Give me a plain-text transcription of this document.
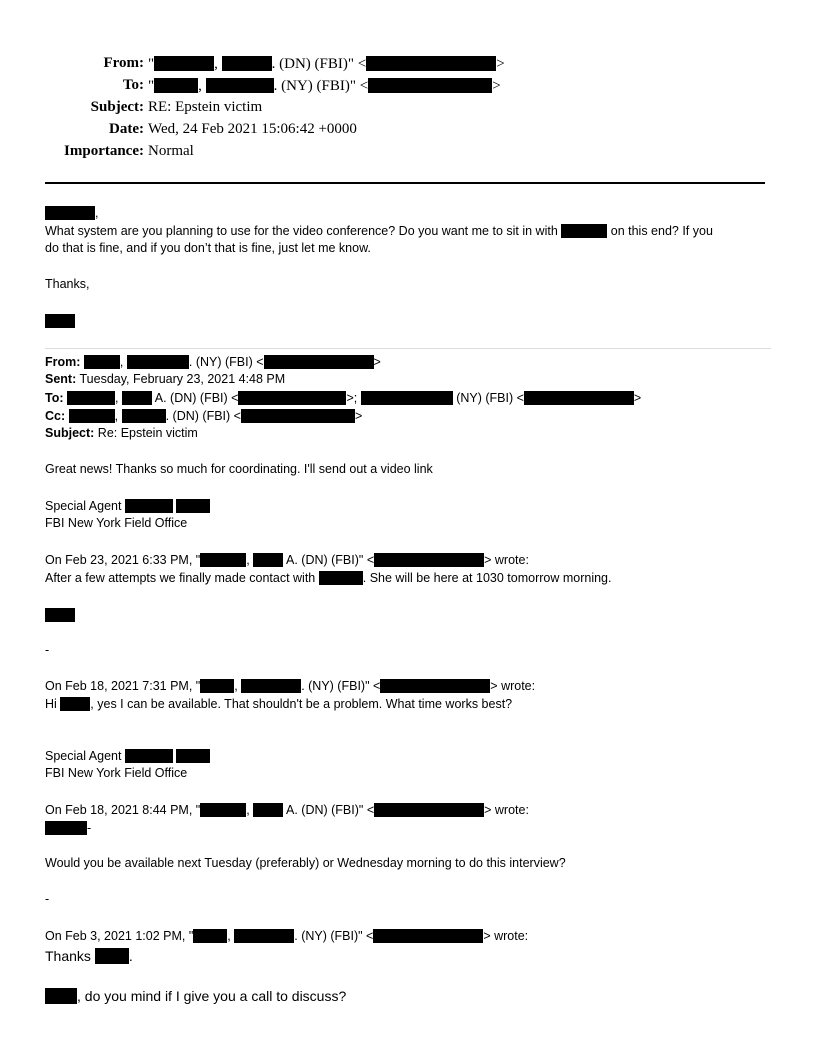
From: "	,	. (DN) (FBI)" <	>
To: "	,	. (NY) (FBI)" <	>
Subject: RE: Epstein victim
Date: Wed, 24 Feb 2021 15:06:42 +0000
Importance: Normal
,
What system are you planning to use for the video conference? Do you want me to sit in with	on this end? If you
do that is fine, and if you don’t that is fine, just let me know.
Thanks,
From:	,	. (NY) (FBI) <	>
Sent: Tuesday, February 23, 2021 4:48 PM
To:	,	A. (DN) (FBI) <	>;	(NY) (FBI) <	>
Cc:	,	. (DN) (FBI) <	>
Subject: Re: Epstein victim
Great news! Thanks so much for coordinating. I'll send out a video link
Special Agent
FBI New York Field Office
On Feb 23, 2021 6:33 PM, "	,	A. (DN) (FBI)" <	> wrote:
After a few attempts we finally made contact with	. She will be here at 1030 tomorrow morning.
-
On Feb 18, 2021 7:31 PM, "	,	. (NY) (FBI)" <	> wrote:
Hi	, yes I can be available. That shouldn't be a problem. What time works best?
Special Agent
FBI New York Field Office
On Feb 18, 2021 8:44 PM, "	,	A. (DN) (FBI)" <	> wrote:
-
Would you be available next Tuesday (preferably) or Wednesday morning to do this interview?
-
On Feb 3, 2021 1:02 PM, "	,	. (NY) (FBI)" <	> wrote:
Thanks	.
, do you mind if I give you a call to discuss?
